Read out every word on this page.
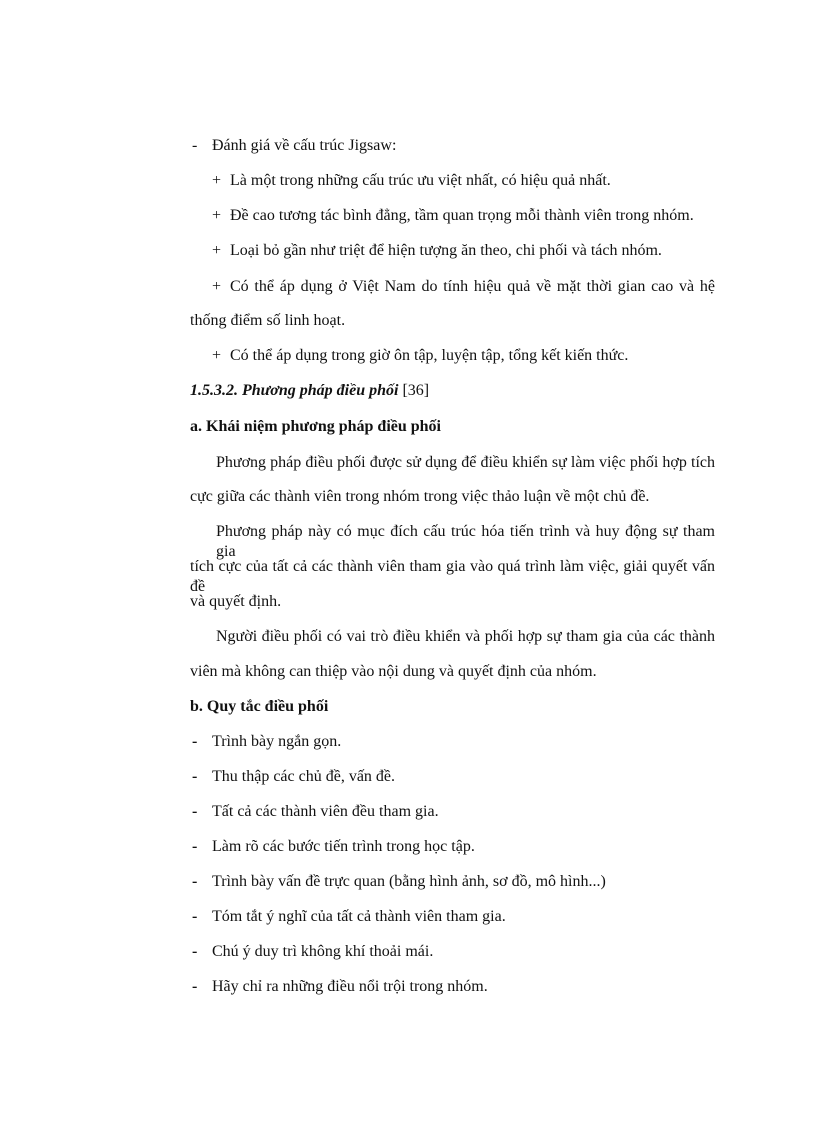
- Đánh giá về cấu trúc Jigsaw:
+ Là một trong những cấu trúc ưu việt nhất, có hiệu quả nhất.
+ Đề cao tương tác bình đẳng, tầm quan trọng mỗi thành viên trong nhóm.
+ Loại bỏ gần như triệt để hiện tượng ăn theo, chi phối và tách nhóm.
+ Có thể áp dụng ở Việt Nam do tính hiệu quả về mặt thời gian cao và hệ
thống điểm số linh hoạt.
+ Có thể áp dụng trong giờ ôn tập, luyện tập, tổng kết kiến thức.
1.5.3.2. Phương pháp điều phối [36]
a. Khái niệm phương pháp điều phối
Phương pháp điều phối được sử dụng để điều khiển sự làm việc phối hợp tích
cực giữa các thành viên trong nhóm trong việc thảo luận về một chủ đề.
Phương pháp này có mục đích cấu trúc hóa tiến trình và huy động sự tham gia
tích cực của tất cả các thành viên tham gia vào quá trình làm việc, giải quyết vấn đề
và quyết định.
Người điều phối có vai trò điều khiển và phối hợp sự tham gia của các thành
viên mà không can thiệp vào nội dung và quyết định của nhóm.
b. Quy tắc điều phối
- Trình bày ngắn gọn.
- Thu thập các chủ đề, vấn đề.
- Tất cả các thành viên đều tham gia.
- Làm rõ các bước tiến trình trong học tập.
- Trình bày vấn đề trực quan (bằng hình ảnh, sơ đồ, mô hình...)
- Tóm tắt ý nghĩ của tất cả thành viên tham gia.
- Chú ý duy trì không khí thoải mái.
- Hãy chỉ ra những điều nổi trội trong nhóm.
